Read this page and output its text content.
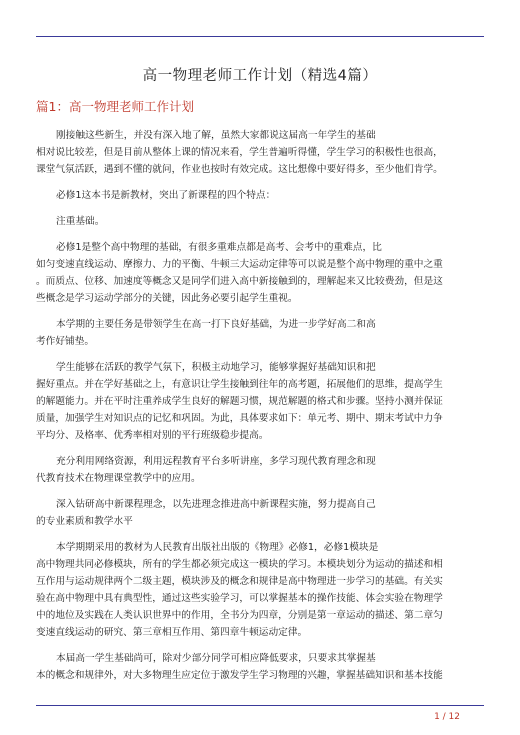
高一物理老师工作计划（精选4篇）
篇1：高一物理老师工作计划
刚接触这些新生，并没有深入地了解，虽然大家都说这届高一年学生的基础
相对说比较差，但是目前从整体上课的情况来看，学生普遍听得懂，学生学习的积极性也很高，
课堂气氛活跃，遇到不懂的就问，作业也按时有效完成。这比想像中要好得多，至少他们肯学。
必修1这本书是新教材，突出了新课程的四个特点：
注重基础。
必修1是整个高中物理的基础，有很多重难点都是高考、会考中的重难点，比
如匀变速直线运动、摩擦力、力的平衡、牛顿三大运动定律等可以说是整个高中物理的重中之重
。而质点、位移、加速度等概念又是同学们进入高中新接触到的，理解起来又比较费劲，但是这
些概念是学习运动学部分的关键，因此务必要引起学生重视。
本学期的主要任务是带领学生在高一打下良好基础，为进一步学好高二和高
考作好铺垫。
学生能够在活跃的教学气氛下，积极主动地学习，能够掌握好基础知识和把
握好重点。并在学好基础之上，有意识让学生接触到往年的高考题，拓展他们的思维，提高学生
的解题能力。并在平时注重养成学生良好的解题习惯，规范解题的格式和步骤。坚持小测并保证
质量，加强学生对知识点的记忆和巩固。为此，具体要求如下：单元考、期中、期末考试中力争
平均分、及格率、优秀率相对别的平行班级稳步提高。
充分利用网络资源，利用远程教育平台多听讲座，多学习现代教育理念和现
代教育技术在物理课堂教学中的应用。
深入钻研高中新课程理念，以先进理念推进高中新课程实施，努力提高自己
的专业素质和教学水平
本学期期采用的教材为人民教育出版社出版的《物理》必修1，必修1模块是
高中物理共同必修模块，所有的学生都必须完成这一模块的学习。本模块划分为运动的描述和相
互作用与运动规律两个二级主题，模块涉及的概念和规律是高中物理进一步学习的基础。有关实
验在高中物理中具有典型性，通过这些实验学习，可以掌握基本的操作技能、体会实验在物理学
中的地位及实践在人类认识世界中的作用，全书分为四章，分别是第一章运动的描述、第二章匀
变速直线运动的研究、第三章相互作用、第四章牛顿运动定律。
本届高一学生基础尚可，除对少部分同学可相应降低要求，只要求其掌握基
本的概念和规律外，对大多物理生应定位于激发学生学习物理的兴趣，掌握基础知识和基本技能
1 / 12
